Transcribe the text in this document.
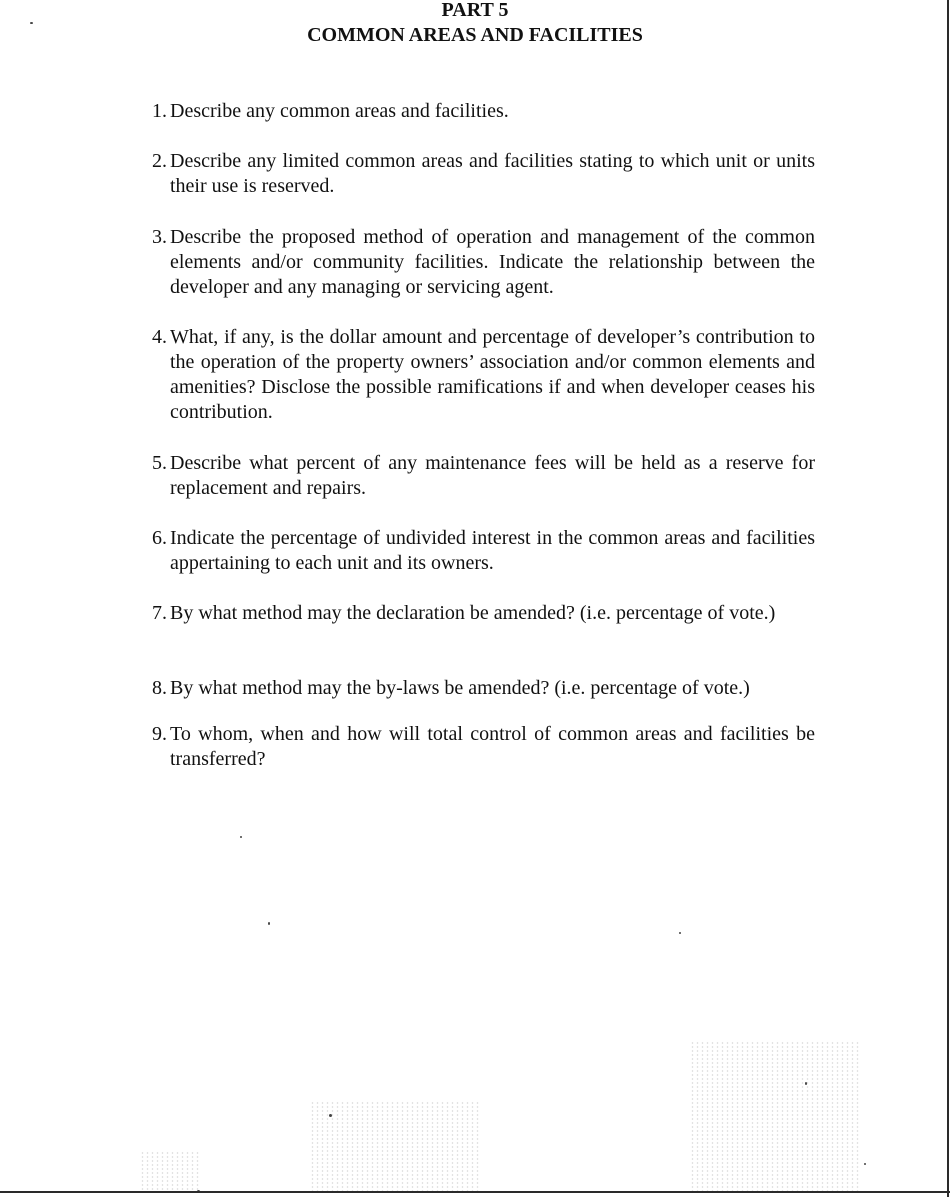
PART 5
COMMON AREAS AND FACILITIES
1. Describe any common areas and facilities.
2. Describe any limited common areas and facilities stating to which unit or units their use is reserved.
3. Describe the proposed method of operation and management of the common elements and/or community facilities. Indicate the relationship between the developer and any managing or servicing agent.
4. What, if any, is the dollar amount and percentage of developer’s contribution to the operation of the property owners’ association and/or common elements and amenities? Disclose the possible ramifications if and when developer ceases his contribution.
5. Describe what percent of any maintenance fees will be held as a reserve for replacement and repairs.
6. Indicate the percentage of undivided interest in the common areas and facilities appertaining to each unit and its owners.
7. By what method may the declaration be amended? (i.e. percentage of vote.)
8. By what method may the by-laws be amended? (i.e. percentage of vote.)
9. To whom, when and how will total control of common areas and facilities be transferred?
